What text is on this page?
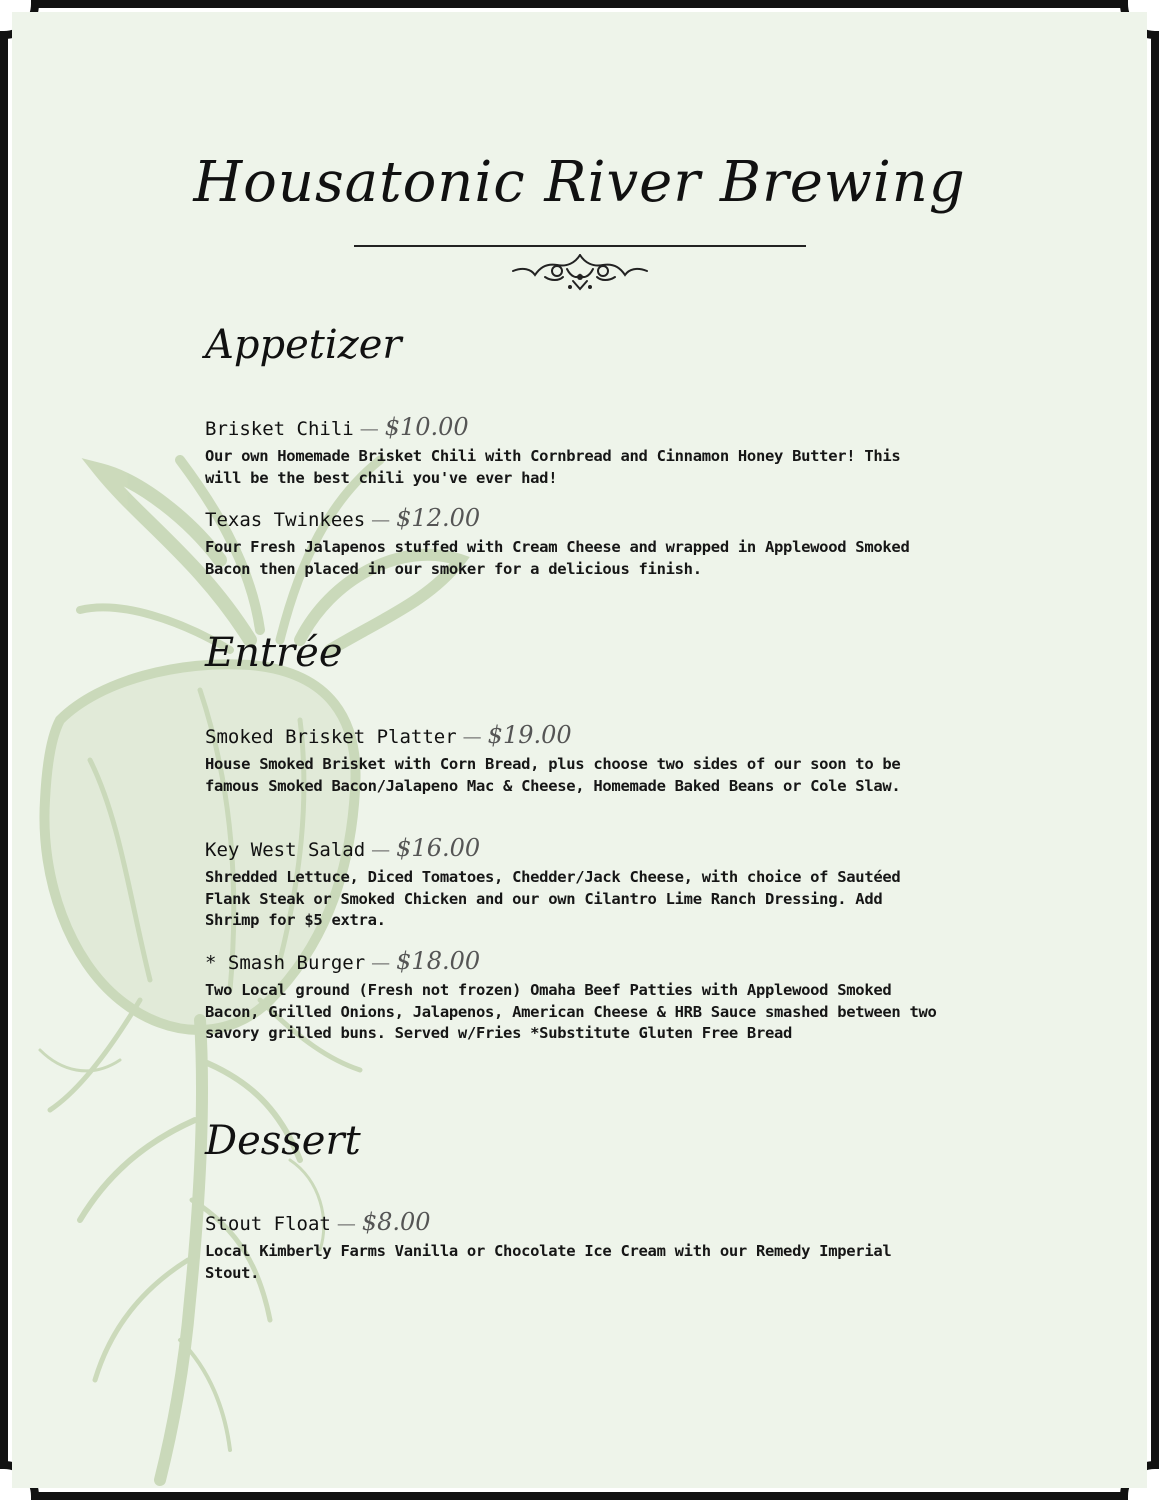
Housatonic River Brewing
Appetizer

Brisket Chili — $10.00

Our own Homemade Brisket Chili with Cornbread and Cinnamon Honey Butter! This will be the best chili you've ever had!

Texas Twinkees — $12.00

Four Fresh Jalapenos stuffed with Cream Cheese and wrapped in Applewood Smoked Bacon then placed in our smoker for a delicious finish.

Entrée

Smoked Brisket Platter — $19.00

House Smoked Brisket with Corn Bread, plus choose two sides of our soon to be famous Smoked Bacon/Jalapeno Mac & Cheese, Homemade Baked Beans or Cole Slaw.

Key West Salad — $16.00

Shredded Lettuce, Diced Tomatoes, Chedder/Jack Cheese, with choice of Sautéed Flank Steak or Smoked Chicken and our own Cilantro Lime Ranch Dressing. Add Shrimp for $5 extra.

* Smash Burger — $18.00

Two Local ground (Fresh not frozen) Omaha Beef Patties with Applewood Smoked Bacon, Grilled Onions, Jalapenos, American Cheese & HRB Sauce smashed between two savory grilled buns. Served w/Fries *Substitute Gluten Free Bread

Dessert

Stout Float — $8.00

Local Kimberly Farms Vanilla or Chocolate Ice Cream with our Remedy Imperial Stout.
